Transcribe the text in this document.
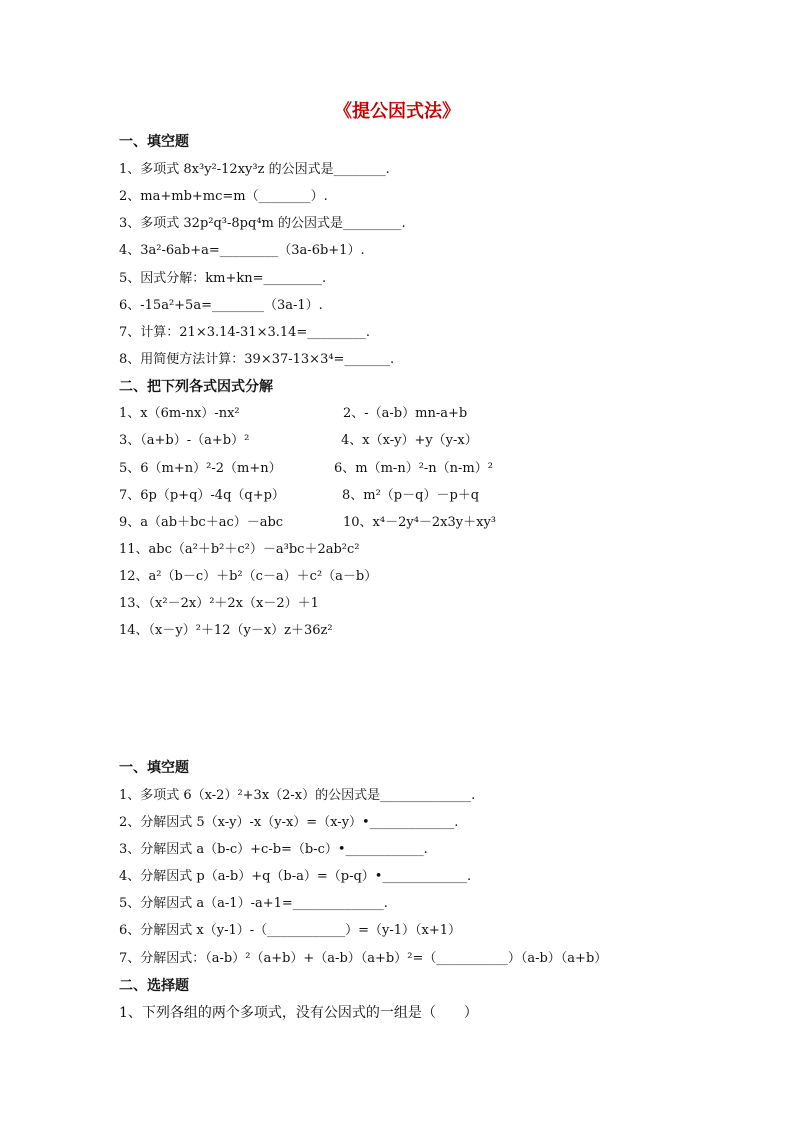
《提公因式法》
一、填空题
1、多项式 8x³y²-12xy³z 的公因式是________.
2、ma+mb+mc=m（________）.
3、多项式 32p²q³-8pq⁴m 的公因式是_________.
4、3a²-6ab+a=_________（3a-6b+1）.
5、因式分解：km+kn=_________.
6、-15a²+5a=________（3a-1）.
7、计算：21×3.14-31×3.14=_________.
8、用简便方法计算：39×37-13×3⁴=_______.
二、把下列各式因式分解
1、x（6m-nx）-nx²	2、-（a-b）mn-a+b
3、（a+b）-（a+b）²	4、x（x-y）+y（y-x）
5、6（m+n）²-2（m+n）	6、m（m-n）²-n（n-m）²
7、6p（p+q）-4q（q+p）	8、m²（p－q）－p＋q
9、a（ab＋bc＋ac）－abc	10、x⁴－2y⁴－2x3y＋xy³
11、abc（a²＋b²＋c²）－a³bc＋2ab²c²
12、a²（b－c）＋b²（c－a）＋c²（a－b）
13、（x²－2x）²＋2x（x－2）＋1
14、（x－y）²＋12（y－x）z＋36z²
一、填空题
1、多项式 6（x-2）²+3x（2-x）的公因式是______________.
2、分解因式 5（x-y）-x（y-x）=（x-y）•_____________.
3、分解因式 a（b-c）+c-b=（b-c）•____________.
4、分解因式 p（a-b）+q（b-a）=（p-q）•_____________.
5、分解因式 a（a-1）-a+1=______________.
6、分解因式 x（y-1）-（____________）=（y-1）（x+1）
7、分解因式：（a-b）²（a+b）+（a-b）（a+b）²=（___________）（a-b）（a+b）
二、选择题
1、下列各组的两个多项式，没有公因式的一组是（　　）
